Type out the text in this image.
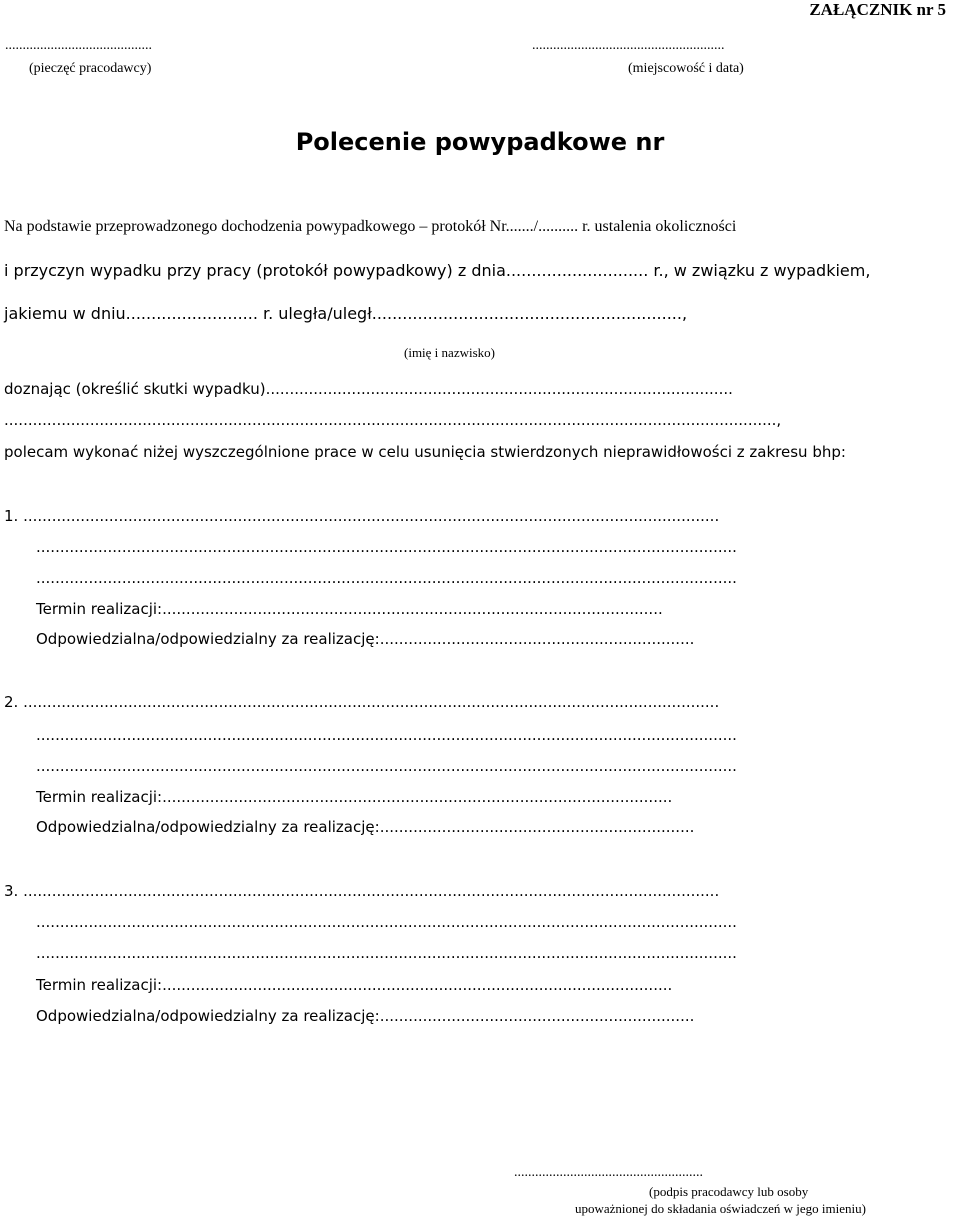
ZAŁĄCZNIK nr 5
..........................................
(pieczęć pracodawcy)
.......................................................
(miejscowość i data)
Polecenie powypadkowe nr
Na podstawie przeprowadzonego dochodzenia powypadkowego – protokół Nr......./.......... r. ustalenia okoliczności
i przyczyn wypadku przy pracy (protokół powypadkowy) z dnia............................ r., w związku z wypadkiem,
jakiemu w dniu.......................... r. uległa/uległ.............................................................,
(imię i nazwisko)
doznając (określić skutki wypadku)..................................................................................................
..................................................................................................................................................................,
polecam wykonać niżej wyszczególnione prace w celu usunięcia stwierdzonych nieprawidłowości z zakresu bhp:
1. ..................................................................................................................................................
...................................................................................................................................................
...................................................................................................................................................
Termin realizacji:.........................................................................................................
Odpowiedzialna/odpowiedzialny za realizację:..................................................................
2. ..................................................................................................................................................
...................................................................................................................................................
...................................................................................................................................................
Termin realizacji:...........................................................................................................
Odpowiedzialna/odpowiedzialny za realizację:..................................................................
3. ..................................................................................................................................................
...................................................................................................................................................
...................................................................................................................................................
Termin realizacji:...........................................................................................................
Odpowiedzialna/odpowiedzialny za realizację:..................................................................
......................................................
(podpis pracodawcy lub osoby
upoważnionej do składania oświadczeń w jego imieniu)
